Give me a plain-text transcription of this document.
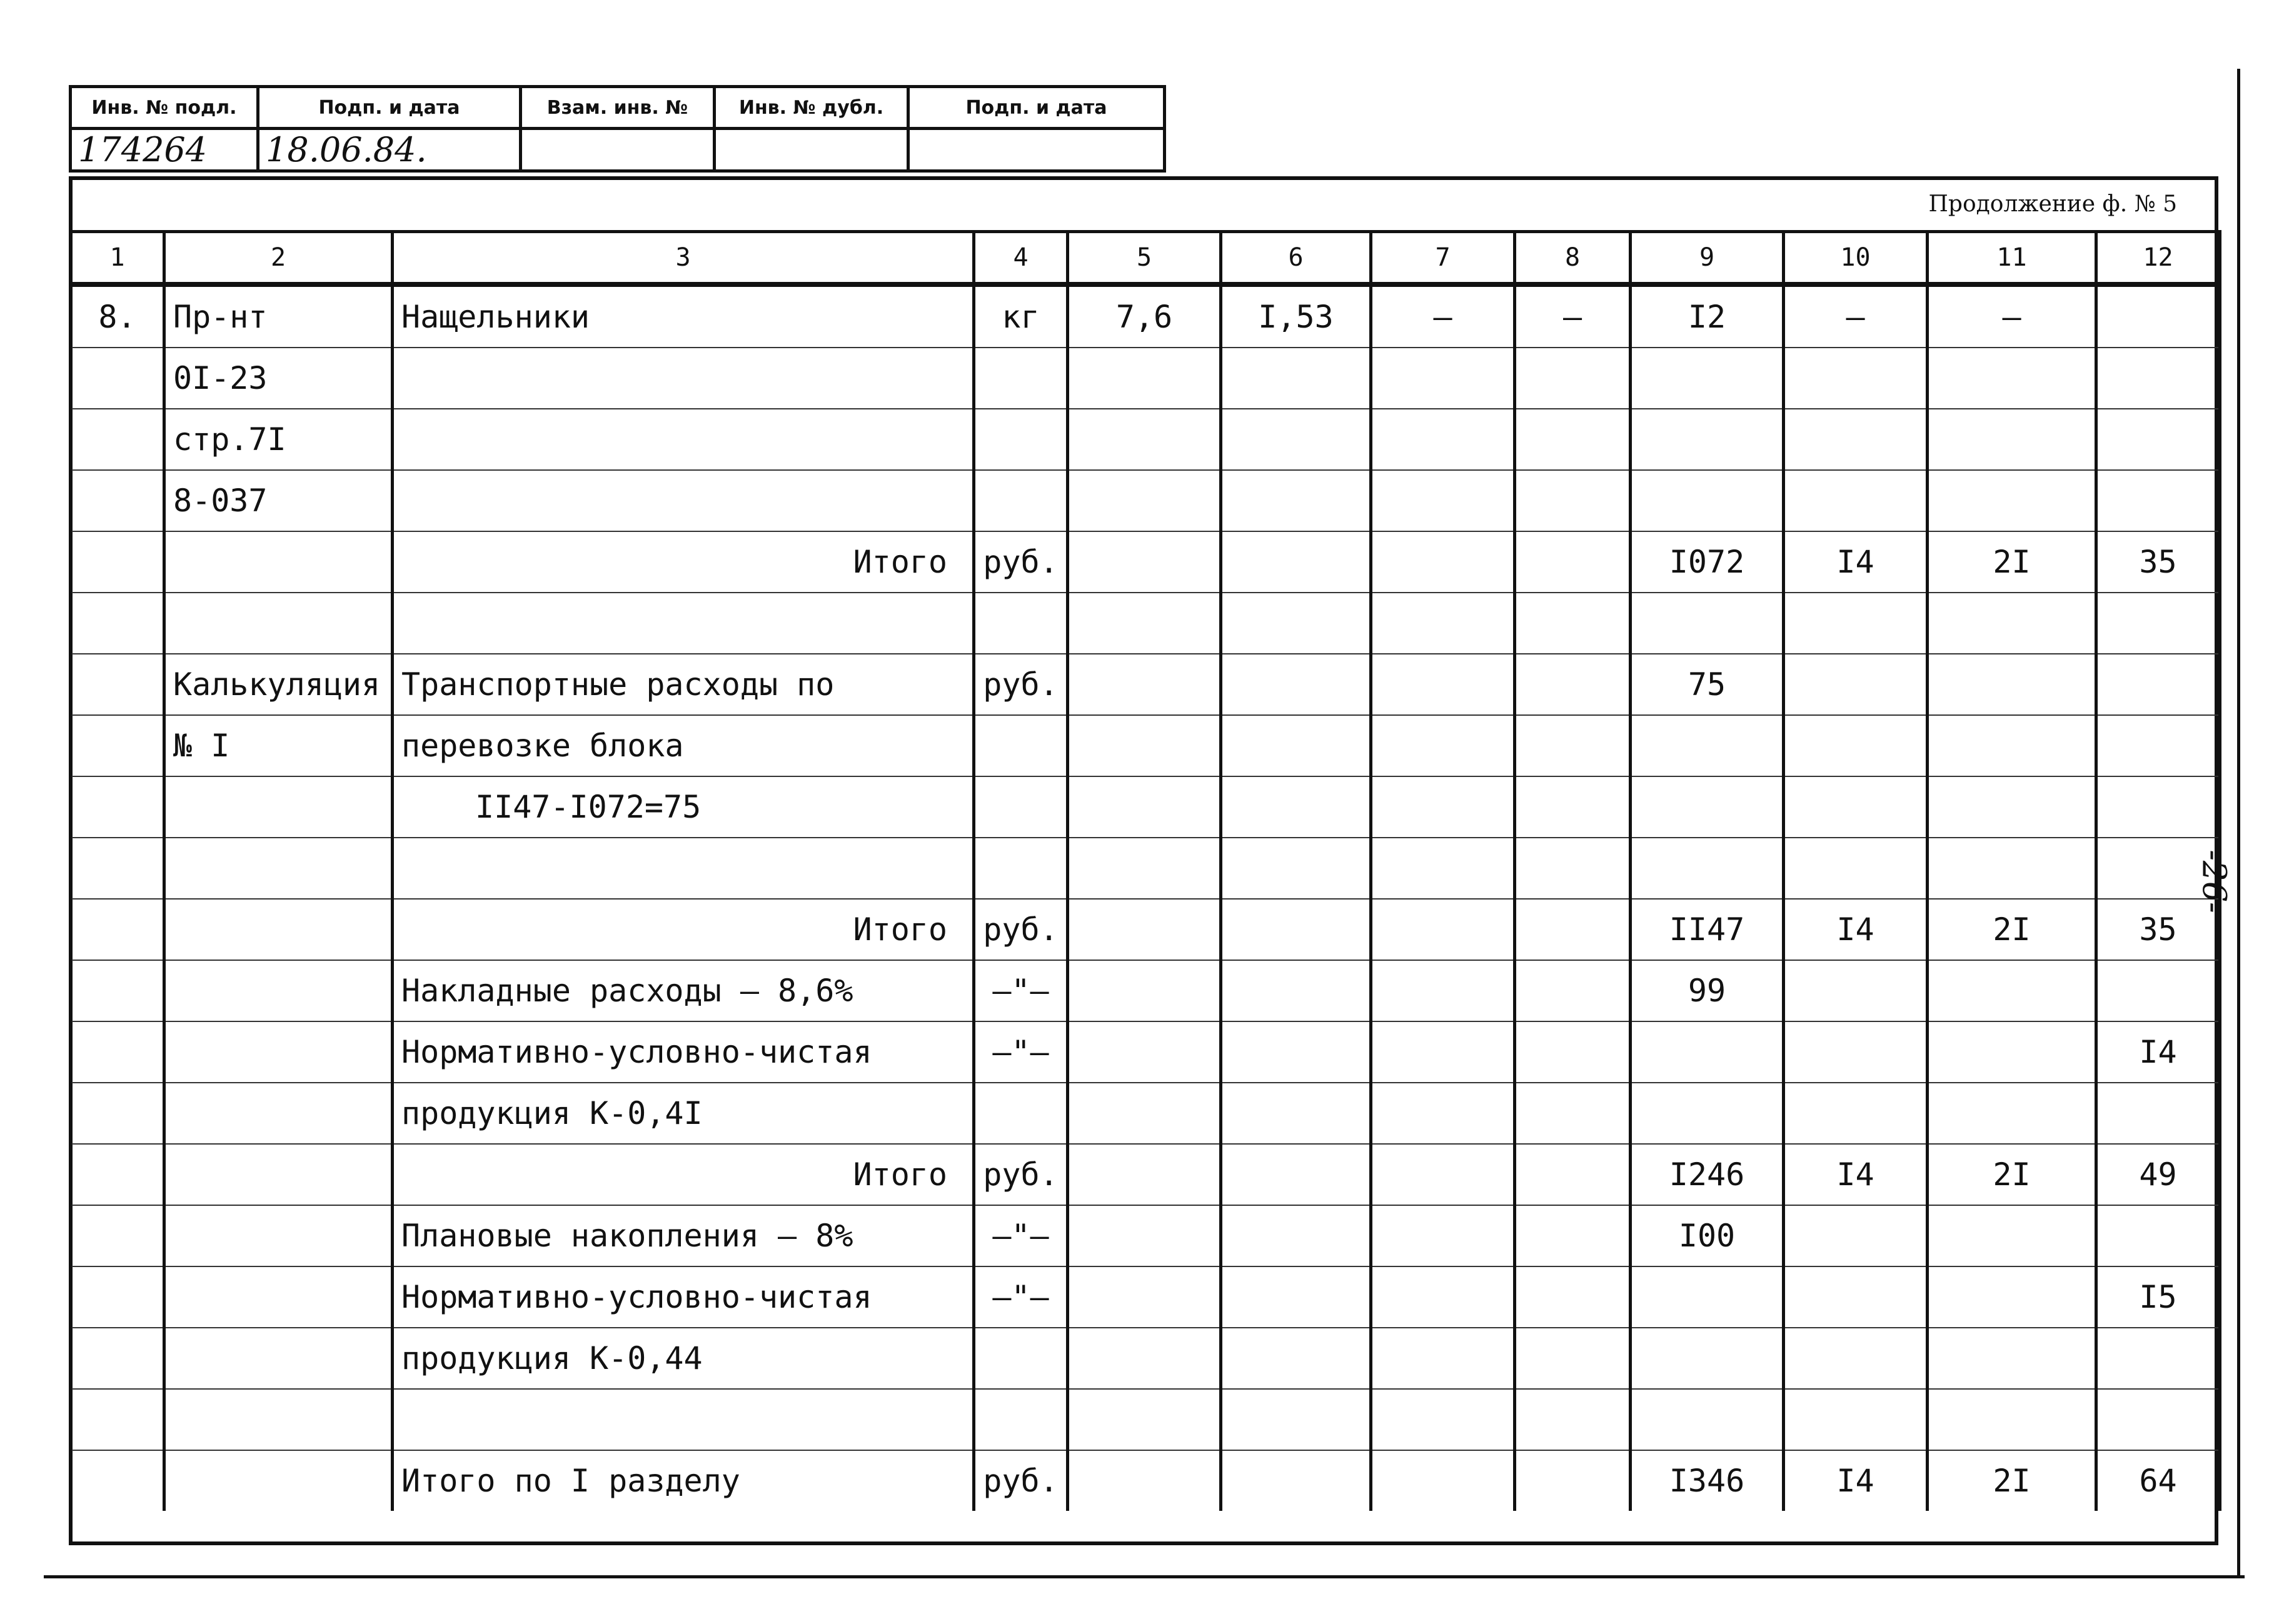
Инв. № подл.	Подп. и дата	Взам. инв. №	Инв. № дубл.	Подп. и дата
174264	18.06.84.			
Продолжение ф. № 5
1	2	3	4	5	6	7	8	9	10	11	12
8.	Пр-нт	Нащельники	кг	7,6	I,53	–	–	I2	–	–	
	0I-23										
	стр.7I										
	8-037										
		Итого	руб.					I072	I4	2I	35

	Калькуляция	Транспортные расходы по	руб.					75			
	№ I	перевозке блока									
		II47-I072=75									

		Итого	руб.					II47	I4	2I	35
		Накладные расходы – 8,6%	–"–					99			
		Нормативно-условно-чистая	–"–								I4
		продукция К-0,4I									
		Итого	руб.					I246	I4	2I	49
		Плановые накопления – 8%	–"–					I00			
		Нормативно-условно-чистая	–"–								I5
		продукция К-0,44									

		Итого по I разделу	руб.					I346	I4	2I	64
-26-
